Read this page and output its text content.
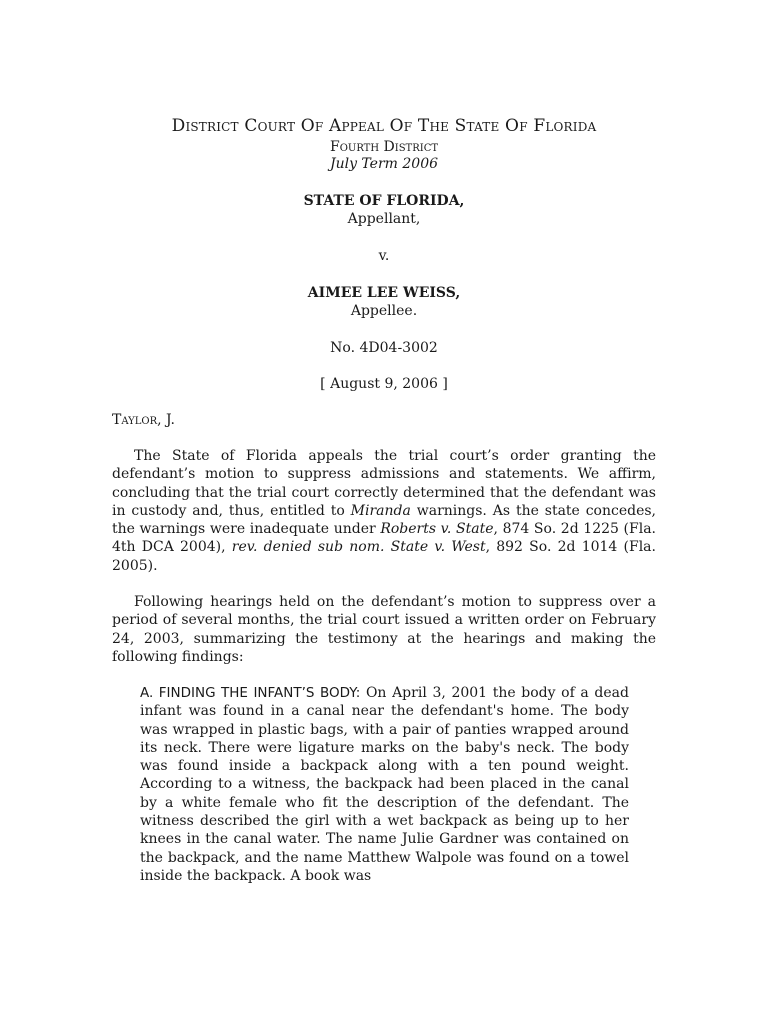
District Court Of Appeal Of The State Of Florida
Fourth District
July Term 2006
STATE OF FLORIDA,
Appellant,
v.
AIMEE LEE WEISS,
Appellee.
No. 4D04-3002
[ August 9, 2006 ]
Taylor, J.

The State of Florida appeals the trial court’s order granting the defendant’s motion to suppress admissions and statements. We affirm, concluding that the trial court correctly determined that the defendant was in custody and, thus, entitled to Miranda warnings. As the state concedes, the warnings were inadequate under Roberts v. State, 874 So. 2d 1225 (Fla. 4th DCA 2004), rev. denied sub nom. State v. West, 892 So. 2d 1014 (Fla. 2005).

Following hearings held on the defendant’s motion to suppress over a period of several months, the trial court issued a written order on February 24, 2003, summarizing the testimony at the hearings and making the following findings:

A. FINDING THE INFANT’S BODY: On April 3, 2001 the body of a dead infant was found in a canal near the defendant's home. The body was wrapped in plastic bags, with a pair of panties wrapped around its neck. There were ligature marks on the baby's neck. The body was found inside a backpack along with a ten pound weight. According to a witness, the backpack had been placed in the canal by a white female who fit the description of the defendant. The witness described the girl with a wet backpack as being up to her knees in the canal water. The name Julie Gardner was contained on the backpack, and the name Matthew Walpole was found on a towel inside the backpack. A book was
